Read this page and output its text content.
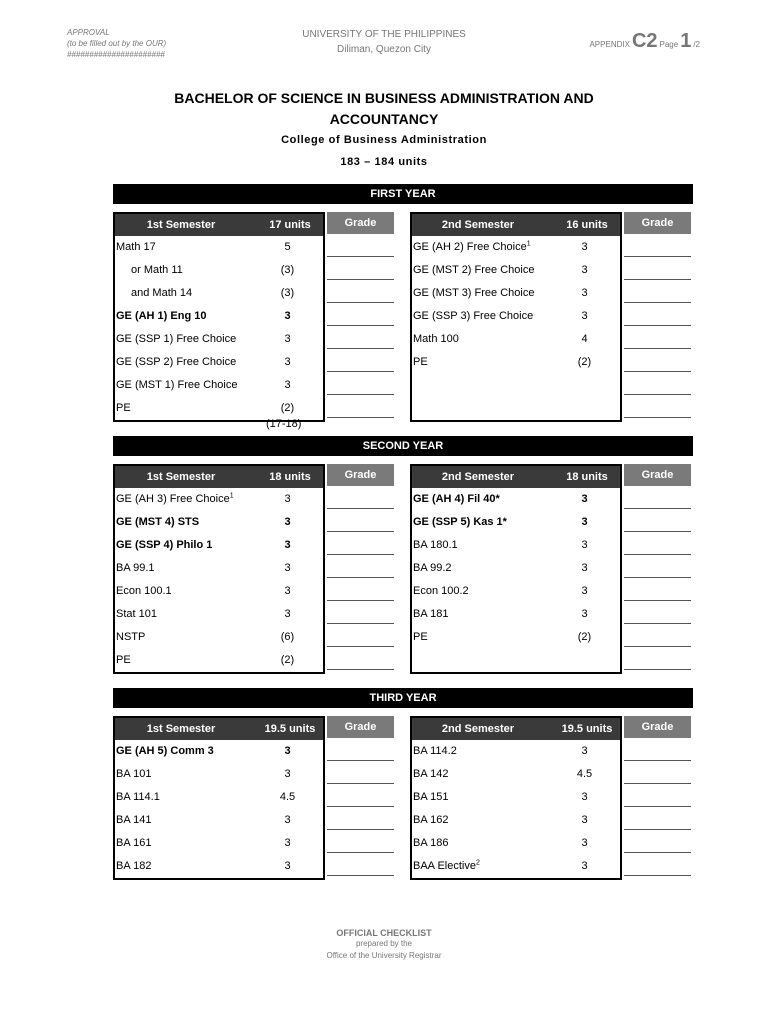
APPROVAL
(to be filled out by the OUR)
######################
UNIVERSITY OF THE PHILIPPINES
Diliman, Quezon City	APPENDIX C2 Page 1 /2
BACHELOR OF SCIENCE IN BUSINESS ADMINISTRATION AND
ACCOUNTANCY
College of Business Administration
183 – 184 units
FIRST YEAR
1st Semester	17 units
Math 17	5
or Math 11	(3)
and Math 14	(3)
GE (AH 1) Eng 10	3
GE (SSP 1) Free Choice	3
GE (SSP 2) Free Choice	3
GE (MST 1) Free Choice	3
PE	(2)
Grade
(17-18)
2nd Semester	16 units
GE (AH 2) Free Choice$^1$	3
GE (MST 2) Free Choice	3
GE (MST 3) Free Choice	3
GE (SSP 3) Free Choice	3
Math 100	4
PE	(2)
Grade
SECOND YEAR
1st Semester	18 units
GE (AH 3) Free Choice$^1$	3
GE (MST 4) STS	3
GE (SSP 4) Philo 1	3
BA 99.1	3
Econ 100.1	3
Stat 101	3
NSTP	(6)
PE	(2)
Grade	2nd Semester	18 units
GE (AH 4) Fil 40*	3
GE (SSP 5) Kas 1*	3
BA 180.1	3
BA 99.2	3
Econ 100.2	3
BA 181	3
PE	(2)
Grade
THIRD YEAR
1st Semester	19.5 units
GE (AH 5) Comm 3	3
BA 101	3
BA 114.1	4.5
BA 141	3
BA 161	3
BA 182	3
Grade	2nd Semester	19.5 units
BA 114.2	3
BA 142	4.5
BA 151	3
BA 162	3
BA 186	3
BAA Elective$^2$	3
Grade
OFFICIAL CHECKLIST
prepared by the
Office of the University Registrar
